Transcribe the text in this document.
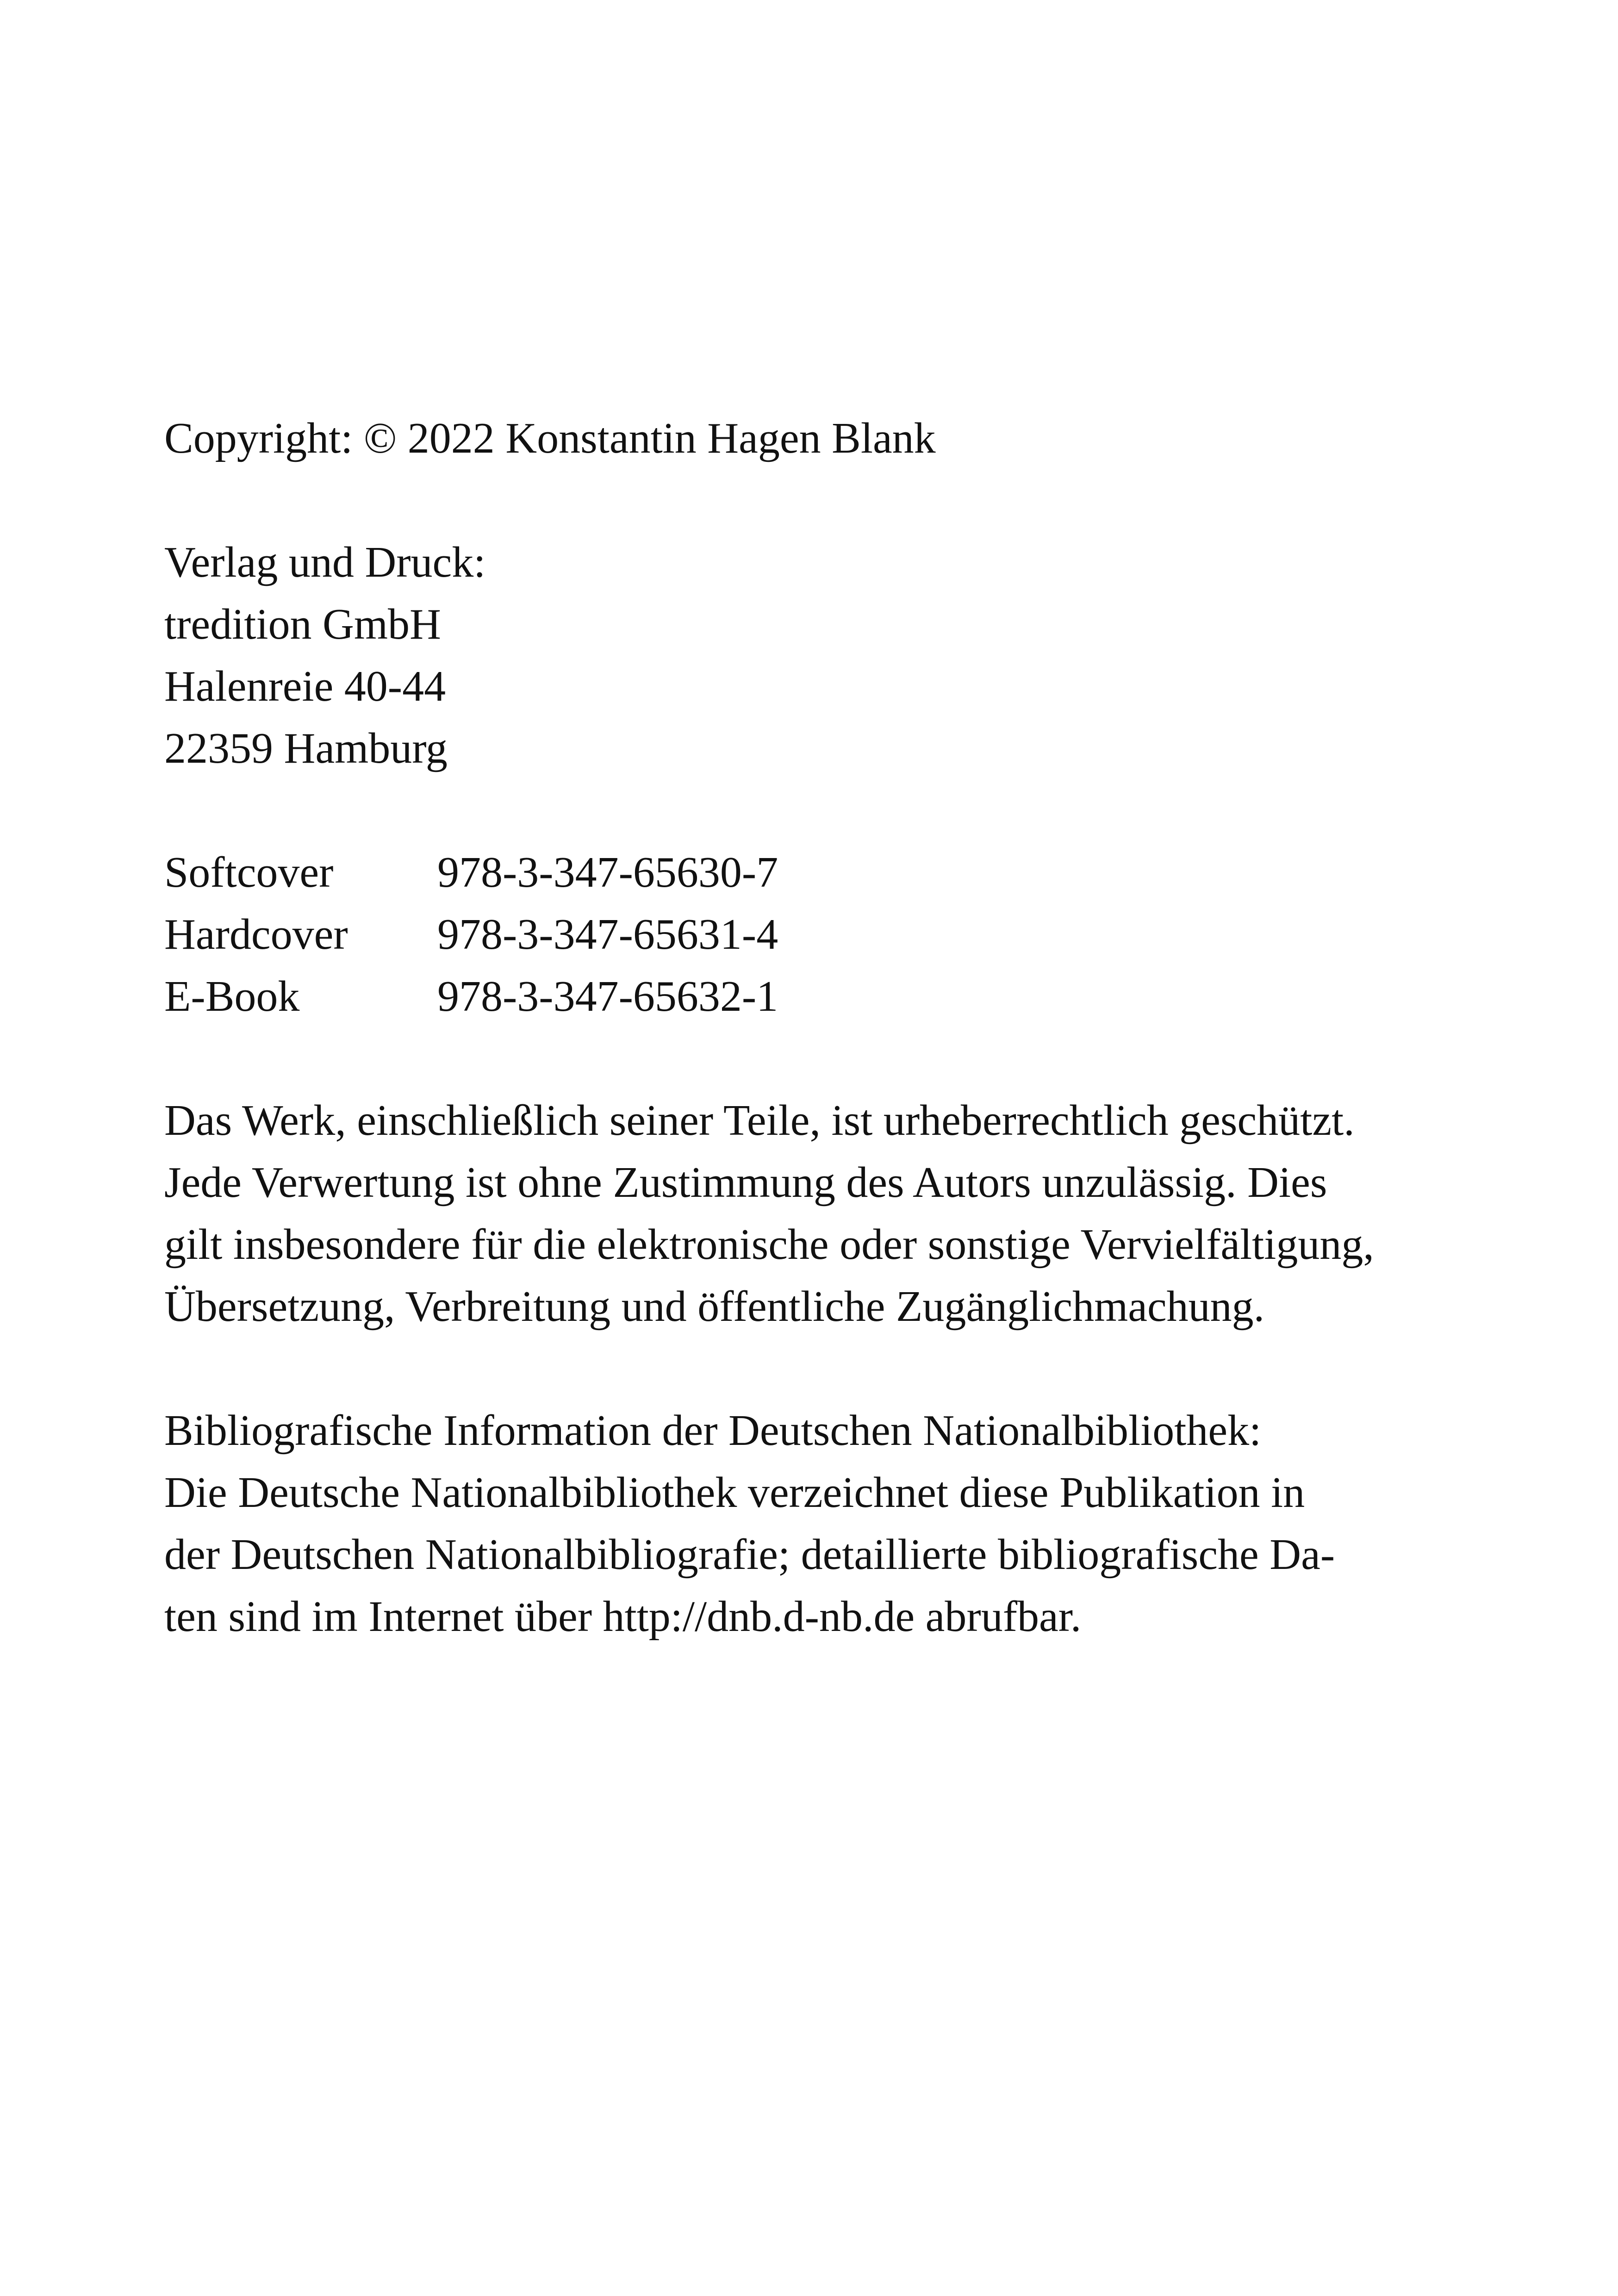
Copyright: © 2022 Konstantin Hagen Blank
Verlag und Druck:
tredition GmbH
Halenreie 40-44
22359 Hamburg
Softcover	978-3-347-65630-7
Hardcover	978-3-347-65631-4
E-Book	978-3-347-65632-1
Das Werk, einschließlich seiner Teile, ist urheberrechtlich geschützt.
Jede Verwertung ist ohne Zustimmung des Autors unzulässig. Dies
gilt insbesondere für die elektronische oder sonstige Vervielfältigung,
Übersetzung, Verbreitung und öffentliche Zugänglichmachung.
Bibliografische Information der Deutschen Nationalbibliothek:
Die Deutsche Nationalbibliothek verzeichnet diese Publikation in
der Deutschen Nationalbibliografie; detaillierte bibliografische Da-
ten sind im Internet über http://dnb.d-nb.de abrufbar.
